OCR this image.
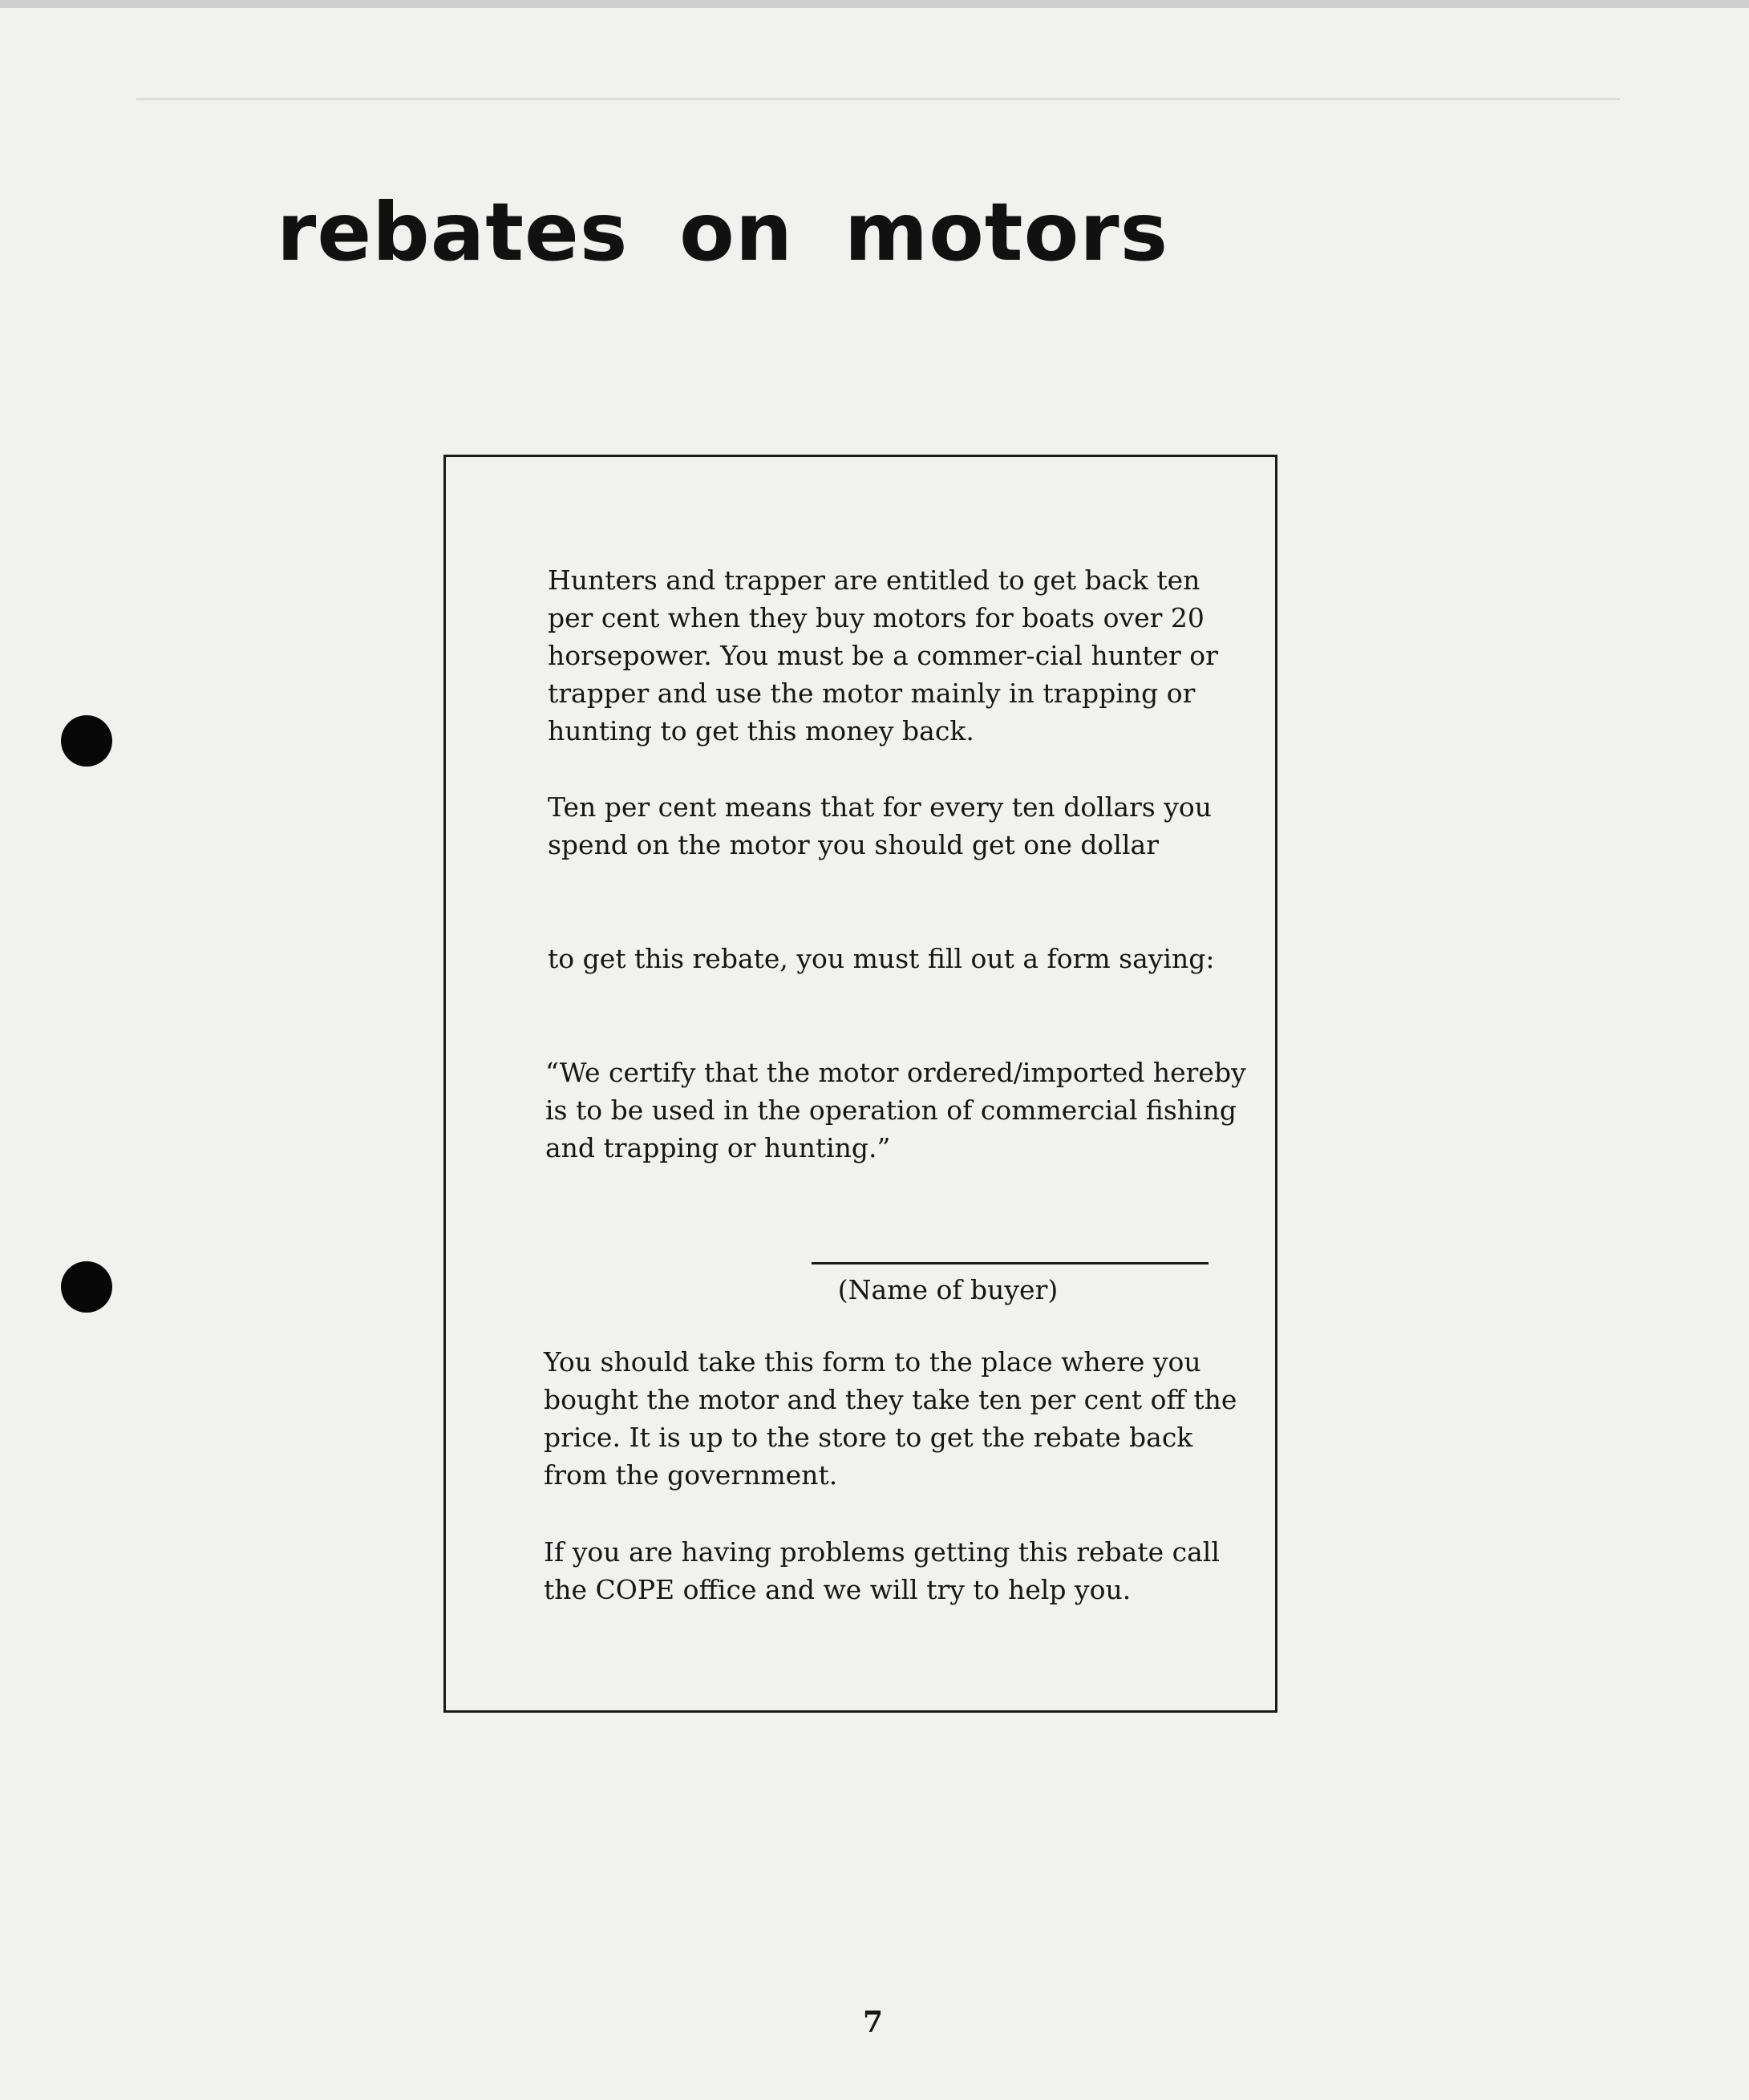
rebates on motors

Hunters and trapper are entitled to get back ten per cent when they buy motors for boats over 20 horsepower. You must be a commer-cial hunter or trapper and use the motor mainly in trapping or hunting to get this money back.

Ten per cent means that for every ten dollars you spend on the motor you should get one dollar

to get this rebate, you must fill out a form saying:

“We certify that the motor ordered/imported hereby is to be used in the operation of commercial fishing and trapping or hunting.”

(Name of buyer)

You should take this form to the place where you bought the motor and they take ten per cent off the price. It is up to the store to get the rebate back from the government.

If you are having problems getting this rebate call the COPE office and we will try to help you.

7
